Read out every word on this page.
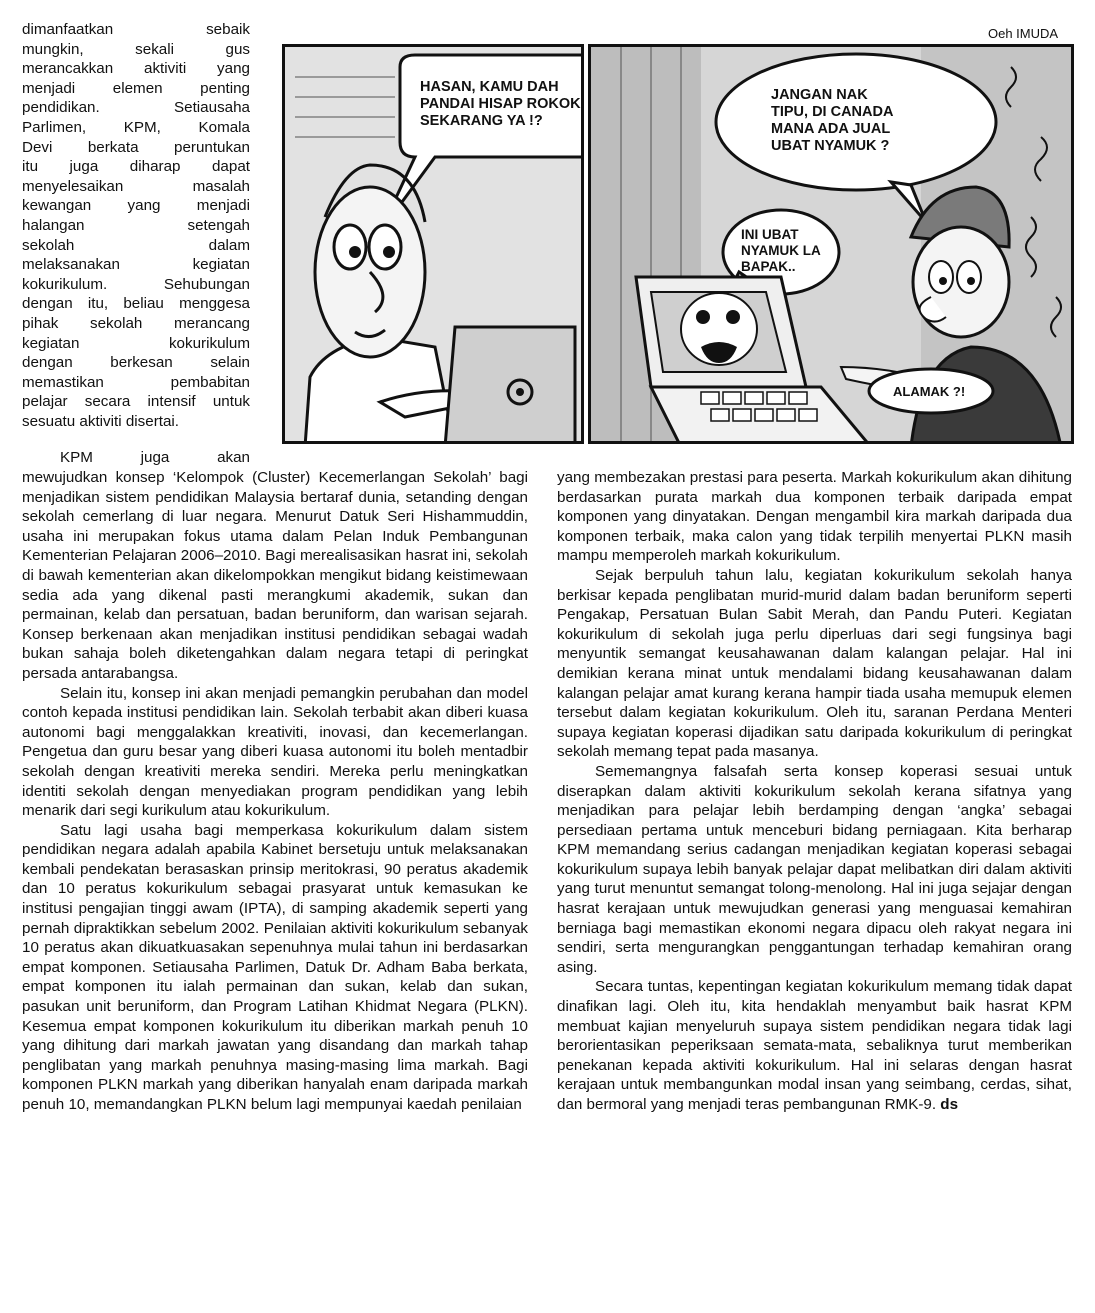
Oeh IMUDA
HASAN, KAMU DAH
PANDAI HISAP ROKOK
SEKARANG YA !?
JANGAN NAK
TIPU, DI CANADA
MANA ADA JUAL
UBAT NYAMUK ?
INI UBAT
NYAMUK LA
BAPAK..
ALAMAK ?!
dimanfaatkan sebaik
mungkin, sekali gus
merancakkan aktiviti yang
menjadi elemen penting
pendidikan. Setiausaha
Parlimen, KPM, Komala
Devi berkata peruntukan
itu juga diharap dapat
menyelesaikan masalah
kewangan yang menjadi
halangan setengah
sekolah dalam
melaksanakan kegiatan
kokurikulum. Sehubungan
dengan itu, beliau menggesa
pihak sekolah merancang
kegiatan kokurikulum
dengan berkesan selain
memastikan pembabitan
pelajar secara intensif untuk
sesuatu aktiviti disertai.
KPM juga akan

mewujudkan konsep ‘Kelompok (Cluster) Kecemerlangan Sekolah’ bagi menjadikan sistem pendidikan Malaysia bertaraf dunia, setanding dengan sekolah cemerlang di luar negara. Menurut Datuk Seri Hishammuddin, usaha ini merupakan fokus utama dalam Pelan Induk Pembangunan Kementerian Pelajaran 2006–2010. Bagi merealisasikan hasrat ini, sekolah di bawah kementerian akan dikelompokkan mengikut bidang keistimewaan sedia ada yang dikenal pasti merangkumi akademik, sukan dan permainan, kelab dan persatuan, badan beruniform, dan warisan sejarah. Konsep berkenaan akan menjadikan institusi pendidikan sebagai wadah bukan sahaja boleh diketengahkan dalam negara tetapi di peringkat persada antarabangsa.

Selain itu, konsep ini akan menjadi pemangkin perubahan dan model contoh kepada institusi pendidikan lain. Sekolah terbabit akan diberi kuasa autonomi bagi menggalakkan kreativiti, inovasi, dan kecemerlangan. Pengetua dan guru besar yang diberi kuasa autonomi itu boleh mentadbir sekolah dengan kreativiti mereka sendiri. Mereka perlu meningkatkan identiti sekolah dengan menyediakan program pendidikan yang lebih menarik dari segi kurikulum atau kokurikulum.

Satu lagi usaha bagi memperkasa kokurikulum dalam sistem pendidikan negara adalah apabila Kabinet bersetuju untuk melaksanakan kembali pendekatan berasaskan prinsip meritokrasi, 90 peratus akademik dan 10 peratus kokurikulum sebagai prasyarat untuk kemasukan ke institusi pengajian tinggi awam (IPTA), di samping akademik seperti yang pernah dipraktikkan sebelum 2002. Penilaian aktiviti kokurikulum sebanyak 10 peratus akan dikuatkuasakan sepenuhnya mulai tahun ini berdasarkan empat komponen. Setiausaha Parlimen, Datuk Dr. Adham Baba berkata, empat komponen itu ialah permainan dan sukan, kelab dan sukan, pasukan unit beruniform, dan Program Latihan Khidmat Negara (PLKN). Kesemua empat komponen kokurikulum itu diberikan markah penuh 10 yang dihitung dari markah jawatan yang disandang dan markah tahap penglibatan yang markah penuhnya masing-masing lima markah. Bagi komponen PLKN markah yang diberikan hanyalah enam daripada markah penuh 10, memandangkan PLKN belum lagi mempunyai kaedah penilaian

yang membezakan prestasi para peserta. Markah kokurikulum akan dihitung berdasarkan purata markah dua komponen terbaik daripada empat komponen yang dinyatakan. Dengan mengambil kira markah daripada dua komponen terbaik, maka calon yang tidak terpilih menyertai PLKN masih mampu memperoleh markah kokurikulum.

Sejak berpuluh tahun lalu, kegiatan kokurikulum sekolah hanya berkisar kepada penglibatan murid-murid dalam badan beruniform seperti Pengakap, Persatuan Bulan Sabit Merah, dan Pandu Puteri. Kegiatan kokurikulum di sekolah juga perlu diperluas dari segi fungsinya bagi menyuntik semangat keusahawanan dalam kalangan pelajar. Hal ini demikian kerana minat untuk mendalami bidang keusahawanan dalam kalangan pelajar amat kurang kerana hampir tiada usaha memupuk elemen tersebut dalam kegiatan kokurikulum. Oleh itu, saranan Perdana Menteri supaya kegiatan koperasi dijadikan satu daripada kokurikulum di peringkat sekolah memang tepat pada masanya.

Sememangnya falsafah serta konsep koperasi sesuai untuk diserapkan dalam aktiviti kokurikulum sekolah kerana sifatnya yang menjadikan para pelajar lebih berdamping dengan ‘angka’ sebagai persediaan pertama untuk menceburi bidang perniagaan. Kita berharap KPM memandang serius cadangan menjadikan kegiatan koperasi sebagai kokurikulum supaya lebih banyak pelajar dapat melibatkan diri dalam aktiviti yang turut menuntut semangat tolong-menolong. Hal ini juga sejajar dengan hasrat kerajaan untuk mewujudkan generasi yang menguasai kemahiran berniaga bagi memastikan ekonomi negara dipacu oleh rakyat negara ini sendiri, serta mengurangkan penggantungan terhadap kemahiran orang asing.

Secara tuntas, kepentingan kegiatan kokurikulum memang tidak dapat dinafikan lagi. Oleh itu, kita hendaklah menyambut baik hasrat KPM membuat kajian menyeluruh supaya sistem pendidikan negara tidak lagi berorientasikan peperiksaan semata-mata, sebaliknya turut memberikan penekanan kepada aktiviti kokurikulum. Hal ini selaras dengan hasrat kerajaan untuk membangunkan modal insan yang seimbang, cerdas, sihat, dan bermoral yang menjadi teras pembangunan RMK-9. ds
